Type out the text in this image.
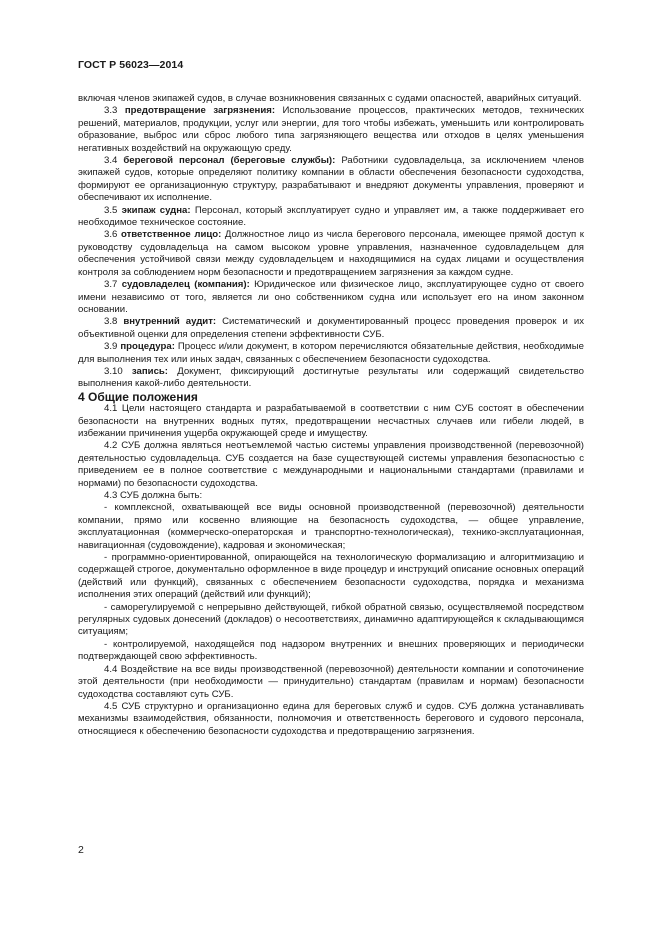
ГОСТ Р 56023—2014

включая членов экипажей судов, в случае возникновения связанных с судами опасностей, аварийных ситуаций.

3.3 предотвращение загрязнения: Использование процессов, практических методов, технических решений, материалов, продукции, услуг или энергии, для того чтобы избежать, уменьшить или контролировать образование, выброс или сброс любого типа загрязняющего вещества или отходов в целях уменьшения негативных воздействий на окружающую среду.

3.4 береговой персонал (береговые службы): Работники судовладельца, за исключением членов экипажей судов, которые определяют политику компании в области обеспечения безопасности судоходства, формируют ее организационную структуру, разрабатывают и внедряют документы управления, проверяют и обеспечивают их исполнение.

3.5 экипаж судна: Персонал, который эксплуатирует судно и управляет им, а также поддерживает его необходимое техническое состояние.

3.6 ответственное лицо: Должностное лицо из числа берегового персонала, имеющее прямой доступ к руководству судовладельца на самом высоком уровне управления, назначенное судовладельцем для обеспечения устойчивой связи между судовладельцем и находящимися на судах лицами и осуществления контроля за соблюдением норм безопасности и предотвращением загрязнения за каждом судне.

3.7 судовладелец (компания): Юридическое или физическое лицо, эксплуатирующее судно от своего имени независимо от того, является ли оно собственником судна или использует его на ином законном основании.

3.8 внутренний аудит: Систематический и документированный процесс проведения проверок и их объективной оценки для определения степени эффективности СУБ.

3.9 процедура: Процесс и/или документ, в котором перечисляются обязательные действия, необходимые для выполнения тех или иных задач, связанных с обеспечением безопасности судоходства.

3.10 запись: Документ, фиксирующий достигнутые результаты или содержащий свидетельство выполнения какой-либо деятельности.

4 Общие положения

4.1 Цели настоящего стандарта и разрабатываемой в соответствии с ним СУБ состоят в обеспечении безопасности на внутренних водных путях, предотвращении несчастных случаев или гибели людей, в избежании причинения ущерба окружающей среде и имуществу.

4.2 СУБ должна являться неотъемлемой частью системы управления производственной (перевозочной) деятельностью судовладельца. СУБ создается на базе существующей системы управления безопасностью с приведением ее в полное соответствие с международными и национальными стандартами (правилами и нормами) по безопасности судоходства.

4.3 СУБ должна быть:

- комплексной, охватывающей все виды основной производственной (перевозочной) деятельности компании, прямо или косвенно влияющие на безопасность судоходства, — общее управление, эксплуатационная (коммерческо-операторская и транспортно-технологическая), технико-эксплуатационная, навигационная (судовождение), кадровая и экономическая;

- программно-ориентированной, опирающейся на технологическую формализацию и алгоритмизацию и содержащей строгое, документально оформленное в виде процедур и инструкций описание основных операций (действий или функций), связанных с обеспечением безопасности судоходства, порядка и механизма исполнения этих операций (действий или функций);

- саморегулируемой с непрерывно действующей, гибкой обратной связью, осуществляемой посредством регулярных судовых донесений (докладов) о несоответствиях, динамично адаптирующейся к складывающимся ситуациям;

- контролируемой, находящейся под надзором внутренних и внешних проверяющих и периодически подтверждающей свою эффективность.

4.4 Воздействие на все виды производственной (перевозочной) деятельности компании и сопоточинение этой деятельности (при необходимости — принудительно) стандартам (правилам и нормам) безопасности судоходства составляют суть СУБ.

4.5 СУБ структурно и организационно едина для береговых служб и судов. СУБ должна устанавливать механизмы взаимодействия, обязанности, полномочия и ответственность берегового и судового персонала, относящиеся к обеспечению безопасности судоходства и предотвращению загрязнения.

2
